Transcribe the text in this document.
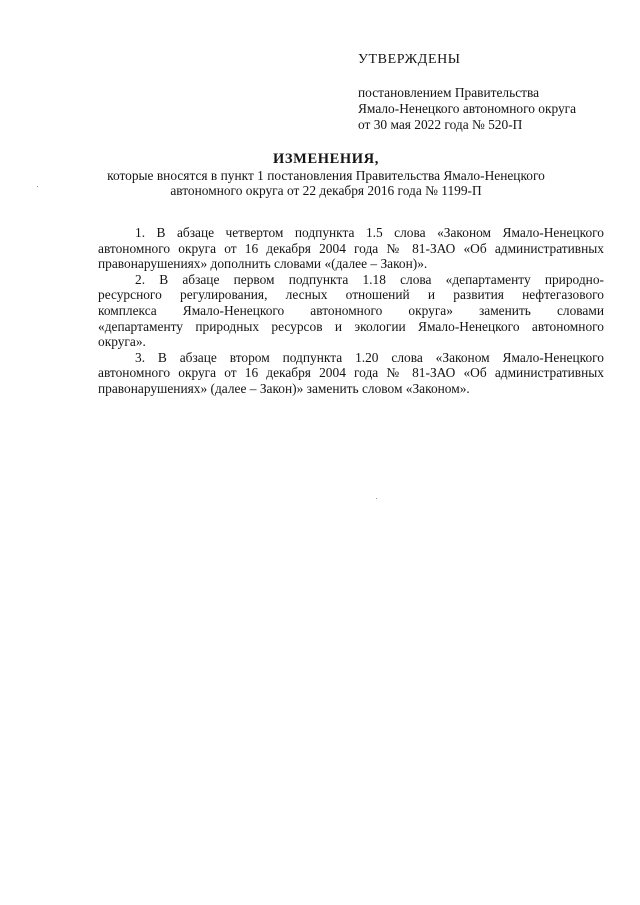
УТВЕРЖДЕНЫ
постановлением Правительства
Ямало-Ненецкого автономного округа
от 30 мая 2022 года № 520-П
ИЗМЕНЕНИЯ,
которые вносятся в пункт 1 постановления Правительства Ямало-Ненецкого
автономного округа от 22 декабря 2016 года № 1199-П
1. В абзаце четвертом подпункта 1.5 слова «Законом Ямало-Ненецкого
автономного округа от 16 декабря 2004 года № 81-ЗАО «Об административных
правонарушениях» дополнить словами «(далее – Закон)».
2. В абзаце первом подпункта 1.18 слова «департаменту природно-
ресурсного регулирования, лесных отношений и развития нефтегазового
комплекса Ямало-Ненецкого автономного округа» заменить словами
«департаменту природных ресурсов и экологии Ямало-Ненецкого автономного
округа».
3. В абзаце втором подпункта 1.20 слова «Законом Ямало-Ненецкого
автономного округа от 16 декабря 2004 года № 81-ЗАО «Об административных
правонарушениях» (далее – Закон)» заменить словом «Законом».
